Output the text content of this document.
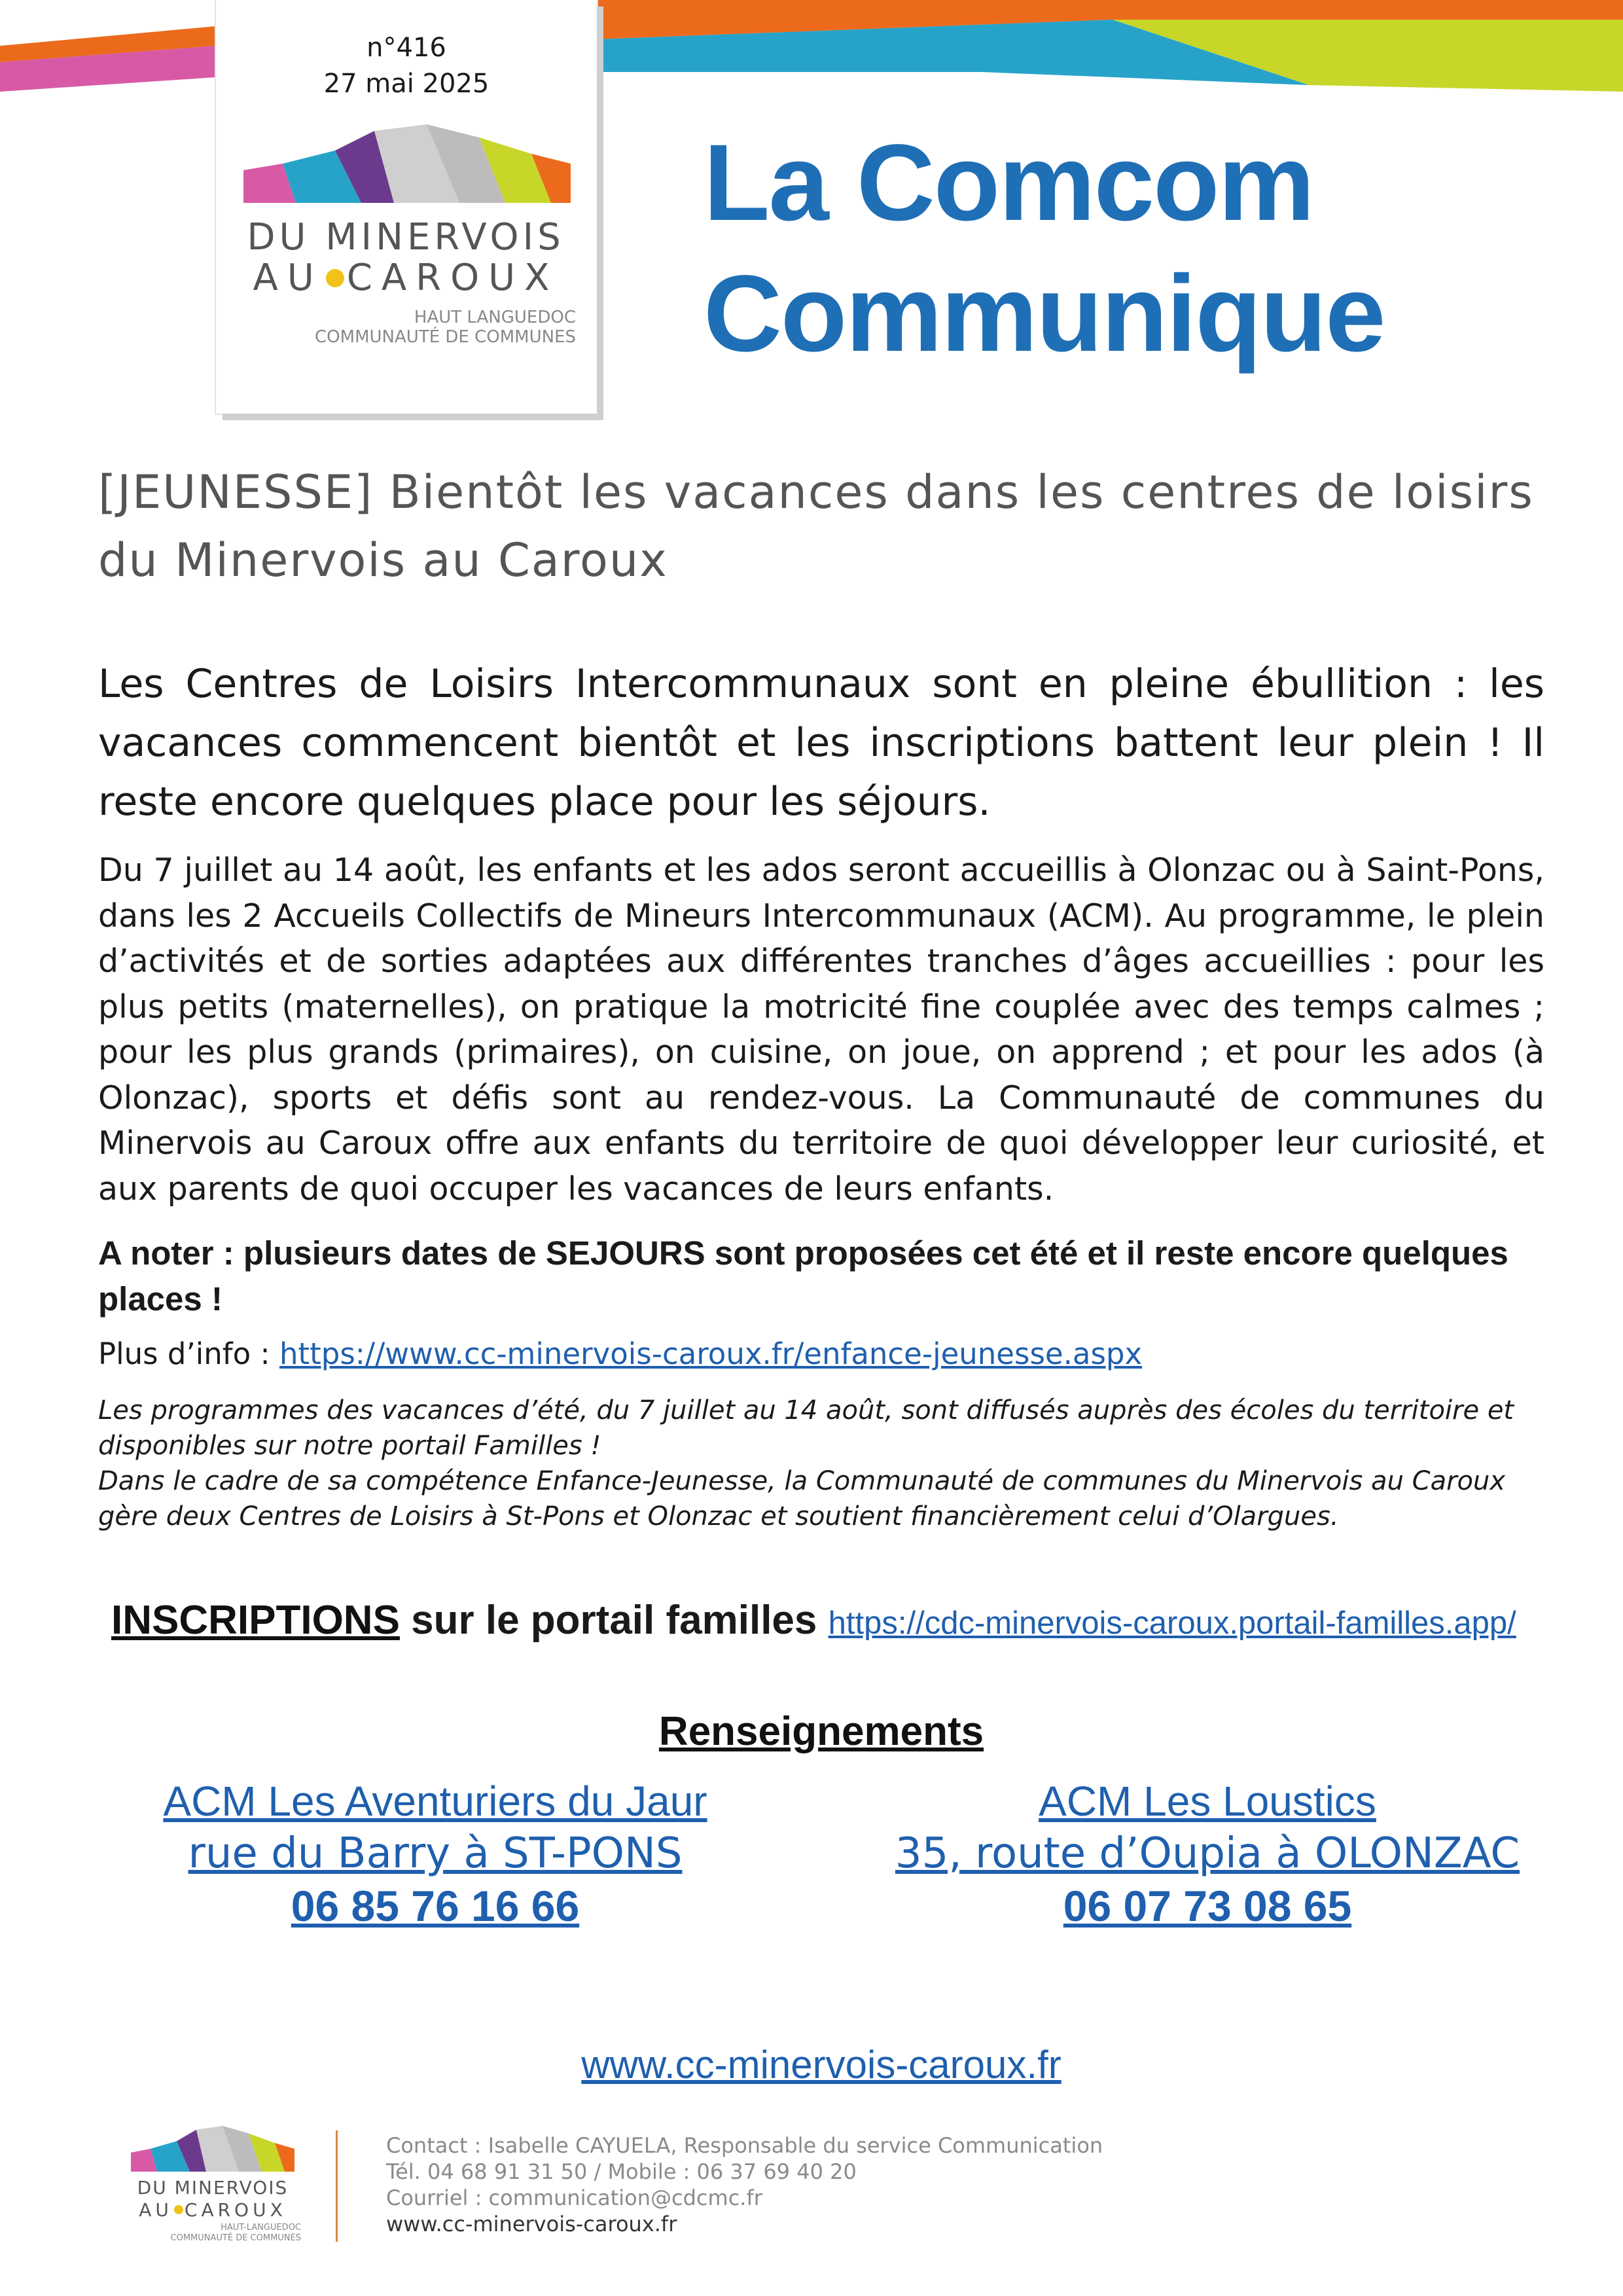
n°416
27 mai 2025
DU MINERVOIS
AU CAROUX
HAUT LANGUEDOC
COMMUNAUTÉ DE COMMUNES
La Comcom
Communique
[JEUNESSE] Bientôt les vacances dans les centres de loisirs du Minervois au Caroux
Les Centres de Loisirs Intercommunaux sont en pleine ébullition : les vacances commencent bientôt et les inscriptions battent leur plein ! Il reste encore quelques place pour les séjours.
Du 7 juillet au 14 août, les enfants et les ados seront accueillis à Olonzac ou à Saint-Pons, dans les 2 Accueils Collectifs de Mineurs Intercommunaux (ACM). Au programme, le plein d’activités et de sorties adaptées aux différentes tranches d’âges accueillies : pour les plus petits (maternelles), on pratique la motricité fine couplée avec des temps calmes ; pour les plus grands (primaires), on cuisine, on joue, on apprend ; et pour les ados (à Olonzac), sports et défis sont au rendez-vous. La Communauté de communes du Minervois au Caroux offre aux enfants du territoire de quoi développer leur curiosité, et aux parents de quoi occuper les vacances de leurs enfants.
A noter : plusieurs dates de SEJOURS sont proposées cet été et il reste encore quelques places !
Plus d’info : https://www.cc-minervois-caroux.fr/enfance-jeunesse.aspx
Les programmes des vacances d’été, du 7 juillet au 14 août, sont diffusés auprès des écoles du territoire et disponibles sur notre portail Familles !
Dans le cadre de sa compétence Enfance-Jeunesse, la Communauté de communes du Minervois au Caroux gère deux Centres de Loisirs à St-Pons et Olonzac et soutient financièrement celui d’Olargues.
INSCRIPTIONS sur le portail familles https://cdc-minervois-caroux.portail-familles.app/
Renseignements
ACM Les Aventuriers du Jaur
rue du Barry à ST-PONS
06 85 76 16 66
ACM Les Loustics
35, route d’Oupia à OLONZAC
06 07 73 08 65
www.cc-minervois-caroux.fr
DU MINERVOIS
AU CAROUX
HAUT-LANGUEDOC
COMMUNAUTÉ DE COMMUNES
Contact : Isabelle CAYUELA, Responsable du service Communication
Tél. 04 68 91 31 50 / Mobile : 06 37 69 40 20
Courriel : communication@cdcmc.fr
www.cc-minervois-caroux.fr
